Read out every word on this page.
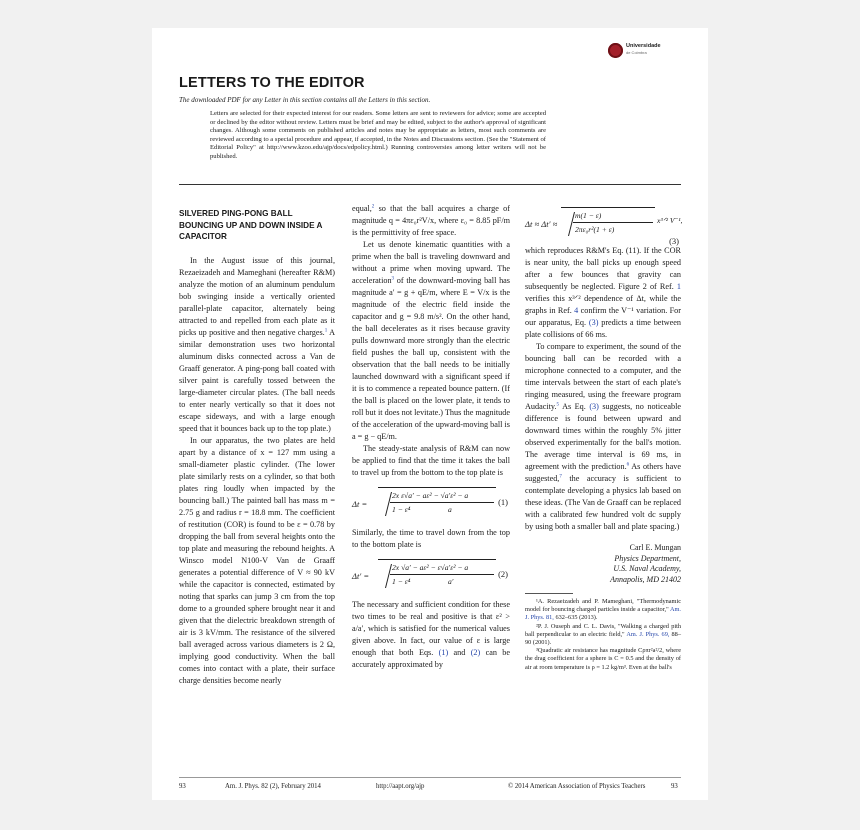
Universidade
de Coimbra
LETTERS TO THE EDITOR
The downloaded PDF for any Letter in this section contains all the Letters in this section.
Letters are selected for their expected interest for our readers. Some letters are sent to reviewers for advice; some are accepted or declined by the editor without review. Letters must be brief and may be edited, subject to the author's approval of significant changes. Although some comments on published articles and notes may be appropriate as letters, most such comments are reviewed according to a special procedure and appear, if accepted, in the Notes and Discussions section. (See the "Statement of Editorial Policy" at http://www.kzoo.edu/ajp/docs/edpolicy.html.) Running controversies among letter writers will not be published.
SILVERED PING-PONG BALL BOUNCING UP AND DOWN INSIDE A CAPACITOR

In the August issue of this journal, Rezaeizadeh and Mameghani (hereafter R&M) analyze the motion of an aluminum pendulum bob swinging inside a vertically oriented parallel-plate capacitor, alternately being attracted to and repelled from each plate as it picks up positive and then negative charges.$^1$ A similar demonstration uses two horizontal aluminum disks connected across a Van de Graaff generator. A ping-pong ball coated with silver paint is carefully tossed between the large-diameter circular plates. (The ball needs to enter nearly vertically so that it does not escape sideways, and with a large enough speed that it bounces back up to the top plate.)

In our apparatus, the two plates are held apart by a distance of x = 127 mm using a small-diameter plastic cylinder. (The lower plate similarly rests on a cylinder, so that both plates ring loudly when impacted by the bouncing ball.) The painted ball has mass m = 2.75 g and radius r = 18.8 mm. The coefficient of restitution (COR) is found to be ε = 0.78 by dropping the ball from several heights onto the top plate and measuring the rebound heights. A Winsco model N100-V Van de Graaff generates a potential difference of V ≈ 90 kV while the capacitor is connected, estimated by noting that sparks can jump 3 cm from the top dome to a grounded sphere brought near it and given that the dielectric breakdown strength of air is 3 kV/mm. The resistance of the silvered ball averaged across various diameters is 2 Ω, implying good conductivity. When the ball comes into contact with a plate, their surface charge densities become nearly

equal,$^2$ so that the ball acquires a charge of magnitude q = 4πε₀r²V/x, where ε₀ = 8.85 pF/m is the permittivity of free space.

Let us denote kinematic quantities with a prime when the ball is traveling downward and without a prime when moving upward. The acceleration$^3$ of the downward-moving ball has magnitude a′ = g + qE/m, where E = V/x is the magnitude of the electric field inside the capacitor and g = 9.8 m/s². On the other hand, the ball decelerates as it rises because gravity pulls downward more strongly than the electric field pushes the ball up, consistent with the observation that the ball needs to be initially launched downward with a significant speed if it is to commence a repeated bounce pattern. (If the ball is placed on the lower plate, it tends to roll but it does not levitate.) Thus the magnitude of the acceleration of the upward-moving ball is a = g − qE/m.

The steady-state analysis of R&M can now be applied to find that the time it takes the ball to travel up from the bottom to the top plate is

Δt =
2x ε√a′ − aε² − √a′ε² − a
1 − ε⁴	a
(1)

Similarly, the time to travel down from the top to the bottom plate is

Δt′ =
2x √a′ − aε² − ε√a′ε² − a
1 − ε⁴	a′
(2)

The necessary and sufficient condition for these two times to be real and positive is that ε² > a/a′, which is satisfied for the numerical values given above. In fact, our value of ε is large enough that both Eqs. (1) and (2) can be accurately approximated by

Δt ≈ Δt′ ≈
m(1 − ε)
2πε₀r²(1 + ε)
x³ᐟ² V⁻¹,
(3)

which reproduces R&M's Eq. (11). If the COR is near unity, the ball picks up enough speed after a few bounces that gravity can subsequently be neglected. Figure 2 of Ref. 1 verifies this x³ᐟ² dependence of Δt, while the graphs in Ref. 4 confirm the V⁻¹ variation. For our apparatus, Eq. (3) predicts a time between plate collisions of 66 ms.

To compare to experiment, the sound of the bouncing ball can be recorded with a microphone connected to a computer, and the time intervals between the start of each plate's ringing measured, using the freeware program Audacity.$^5$ As Eq. (3) suggests, no noticeable difference is found between upward and downward times within the roughly 5% jitter observed experimentally for the ball's motion. The average time interval is 69 ms, in agreement with the prediction.$^6$ As others have suggested,$^7$ the accuracy is sufficient to contemplate developing a physics lab based on these ideas. (The Van de Graaff can be replaced with a calibrated few hundred volt dc supply by using both a smaller ball and plate spacing.)

Carl E. Mungan
Physics Department,
U.S. Naval Academy,
Annapolis, MD 21402

¹A. Rezaeizadeh and P. Mameghani, "Thermodynamic model for bouncing charged particles inside a capacitor," Am. J. Phys. 81, 632–635 (2013).

²P. J. Ouseph and C. L. Davis, "Walking a charged pith ball perpendicular to an electric field," Am. J. Phys. 69, 88–90 (2001).

³Quadratic air resistance has magnitude Cρπr²a²/2, where the drag coefficient for a sphere is C = 0.5 and the density of air at room temperature is ρ = 1.2 kg/m³. Even at the ball's

93	Am. J. Phys. 82 (2), February 2014	http://aapt.org/ajp	© 2014 American Association of Physics Teachers	93
